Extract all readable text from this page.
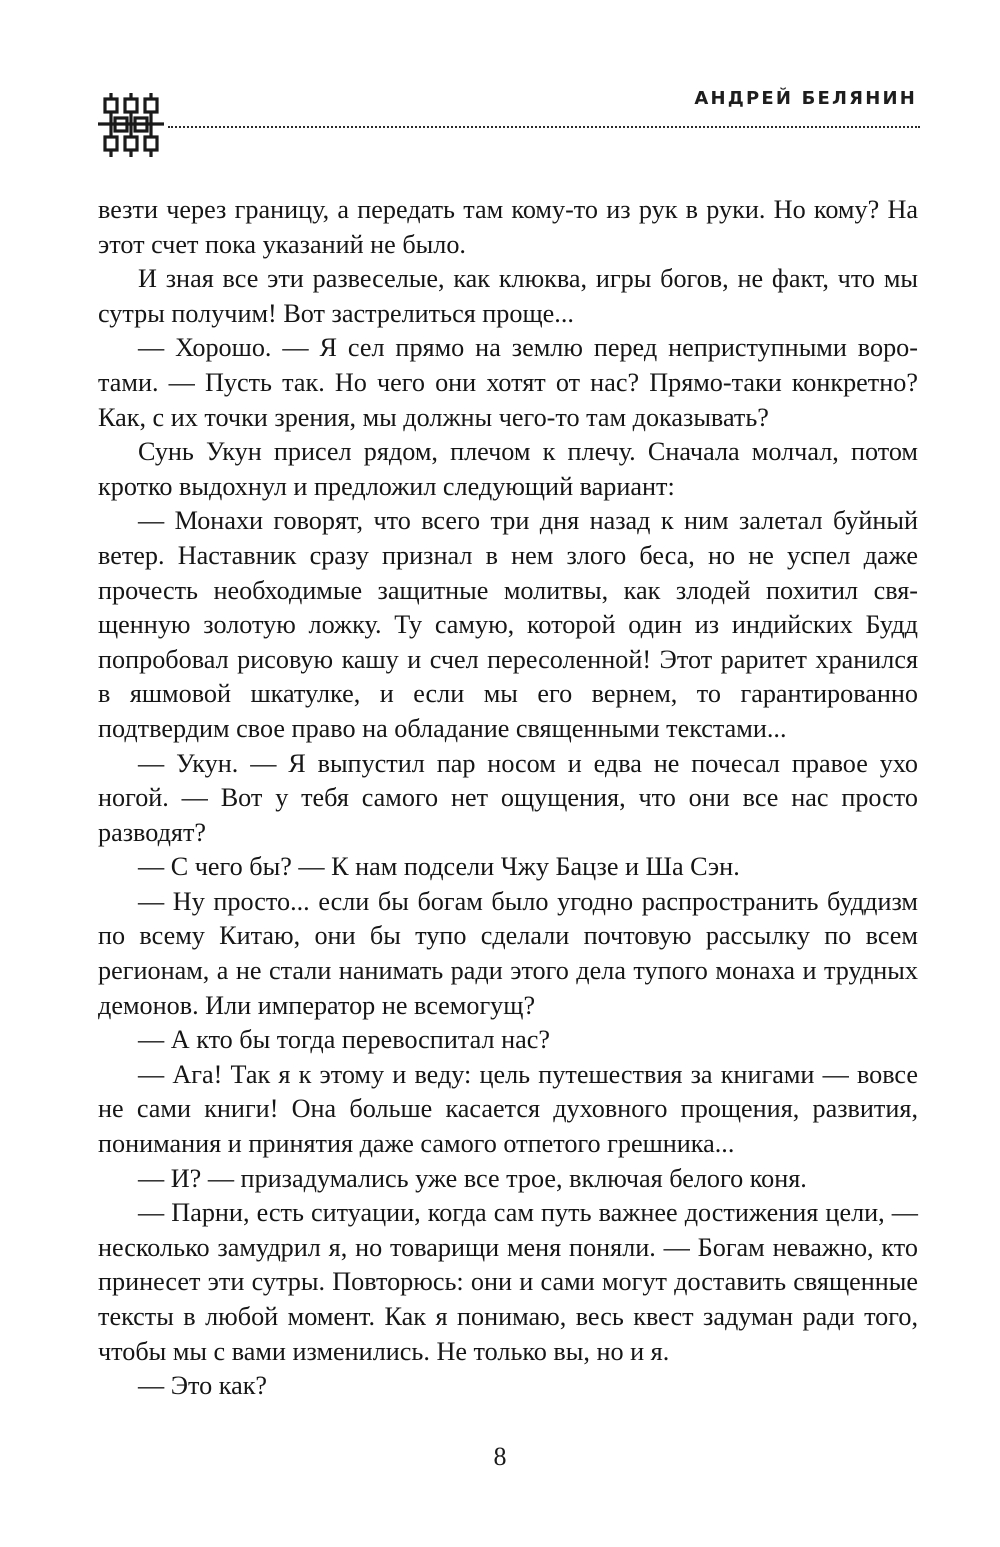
АНДРЕЙ БЕЛЯНИН

везти через границу, а передать там кому-то из рук в руки. Но кому? На этот счет пока указаний не было.

И зная все эти развеселые, как клюква, игры богов, не факт, что мы сутры получим! Вот застрелиться проще...

— Хорошо. — Я сел прямо на землю перед неприступными воротами. — Пусть так. Но чего они хотят от нас? Прямо-таки конкретно? Как, с их точки зрения, мы должны чего-то там доказывать?

Сунь Укун присел рядом, плечом к плечу. Сначала молчал, потом кротко выдохнул и предложил следующий вариант:

— Монахи говорят, что всего три дня назад к ним залетал буйный ветер. Наставник сразу признал в нем злого беса, но не успел даже прочесть необходимые защитные молитвы, как злодей похитил священную золотую ложку. Ту самую, которой один из индийских Будд попробовал рисовую кашу и счел пересоленной! Этот раритет хранился в яшмовой шкатулке, и если мы его вернем, то гарантированно подтвердим свое право на обладание священными текстами...

— Укун. — Я выпустил пар носом и едва не почесал правое ухо ногой. — Вот у тебя самого нет ощущения, что они все нас просто разводят?

— С чего бы? — К нам подсели Чжу Бацзе и Ша Сэн.

— Ну просто... если бы богам было угодно распространить буддизм по всему Китаю, они бы тупо сделали почтовую рассылку по всем регионам, а не стали нанимать ради этого дела тупого монаха и трудных демонов. Или император не всемогущ?

— А кто бы тогда перевоспитал нас?

— Ага! Так я к этому и веду: цель путешествия за книгами — вовсе не сами книги! Она больше касается духовного прощения, развития, понимания и принятия даже самого отпетого грешника...

— И? — призадумались уже все трое, включая белого коня.

— Парни, есть ситуации, когда сам путь важнее достижения цели, — несколько замудрил я, но товарищи меня поняли. — Богам неважно, кто принесет эти сутры. Повторюсь: они и сами могут доставить священные тексты в любой момент. Как я понимаю, весь квест задуман ради того, чтобы мы с вами изменились. Не только вы, но и я.

— Это как?

8
